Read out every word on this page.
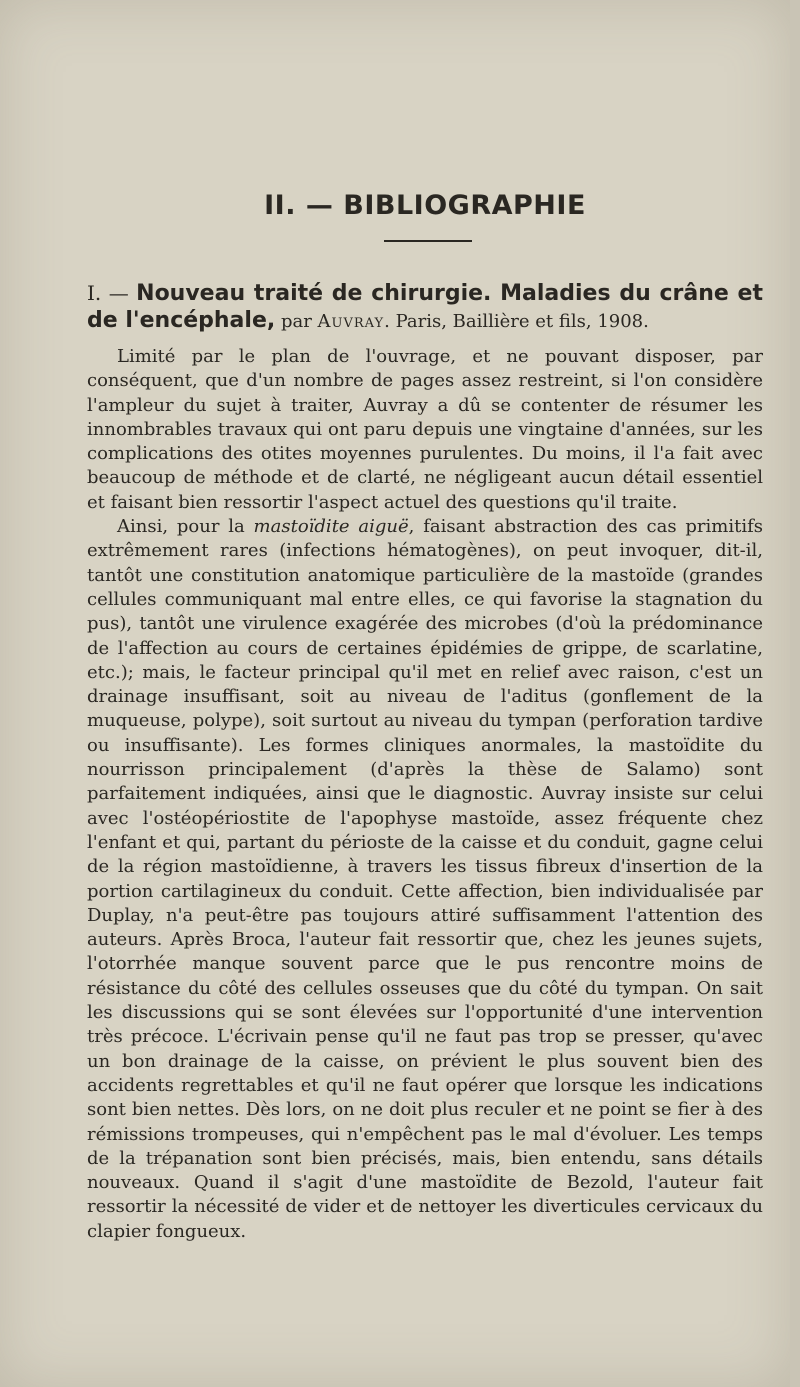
II. — BIBLIOGRAPHIE

I. — Nouveau traité de chirurgie. Maladies du crâne et de l'encéphale, par Auvray. Paris, Baillière et fils, 1908.

Limité par le plan de l'ouvrage, et ne pouvant disposer, par conséquent, que d'un nombre de pages assez restreint, si l'on considère l'ampleur du sujet à traiter, Auvray a dû se contenter de résumer les innombrables travaux qui ont paru depuis une vingtaine d'années, sur les complications des otites moyennes purulentes. Du moins, il l'a fait avec beaucoup de méthode et de clarté, ne négligeant aucun détail essentiel et faisant bien ressortir l'aspect actuel des questions qu'il traite.

Ainsi, pour la mastoïdite aiguë, faisant abstraction des cas primitifs extrêmement rares (infections hématogènes), on peut invoquer, dit-il, tantôt une constitution anatomique particulière de la mastoïde (grandes cellules communiquant mal entre elles, ce qui favorise la stagnation du pus), tantôt une virulence exagérée des microbes (d'où la prédominance de l'affection au cours de certaines épidémies de grippe, de scarlatine, etc.); mais, le facteur principal qu'il met en relief avec raison, c'est un drainage insuffisant, soit au niveau de l'aditus (gonflement de la muqueuse, polype), soit surtout au niveau du tympan (perforation tardive ou insuffisante). Les formes cliniques anormales, la mastoïdite du nourrisson principalement (d'après la thèse de Salamo) sont parfaitement indiquées, ainsi que le diagnostic. Auvray insiste sur celui avec l'ostéopériostite de l'apophyse mastoïde, assez fréquente chez l'enfant et qui, partant du périoste de la caisse et du conduit, gagne celui de la région mastoïdienne, à travers les tissus fibreux d'insertion de la portion cartilagineux du conduit. Cette affection, bien individualisée par Duplay, n'a peut-être pas toujours attiré suffisamment l'attention des auteurs. Après Broca, l'auteur fait ressortir que, chez les jeunes sujets, l'otorrhée manque souvent parce que le pus rencontre moins de résistance du côté des cellules osseuses que du côté du tympan. On sait les discussions qui se sont élevées sur l'opportunité d'une intervention très précoce. L'écrivain pense qu'il ne faut pas trop se presser, qu'avec un bon drainage de la caisse, on prévient le plus souvent bien des accidents regrettables et qu'il ne faut opérer que lorsque les indications sont bien nettes. Dès lors, on ne doit plus reculer et ne point se fier à des rémissions trompeuses, qui n'empêchent pas le mal d'évoluer. Les temps de la trépanation sont bien précisés, mais, bien entendu, sans détails nouveaux. Quand il s'agit d'une mastoïdite de Bezold, l'auteur fait ressortir la nécessité de vider et de nettoyer les diverticules cervicaux du clapier fongueux.
